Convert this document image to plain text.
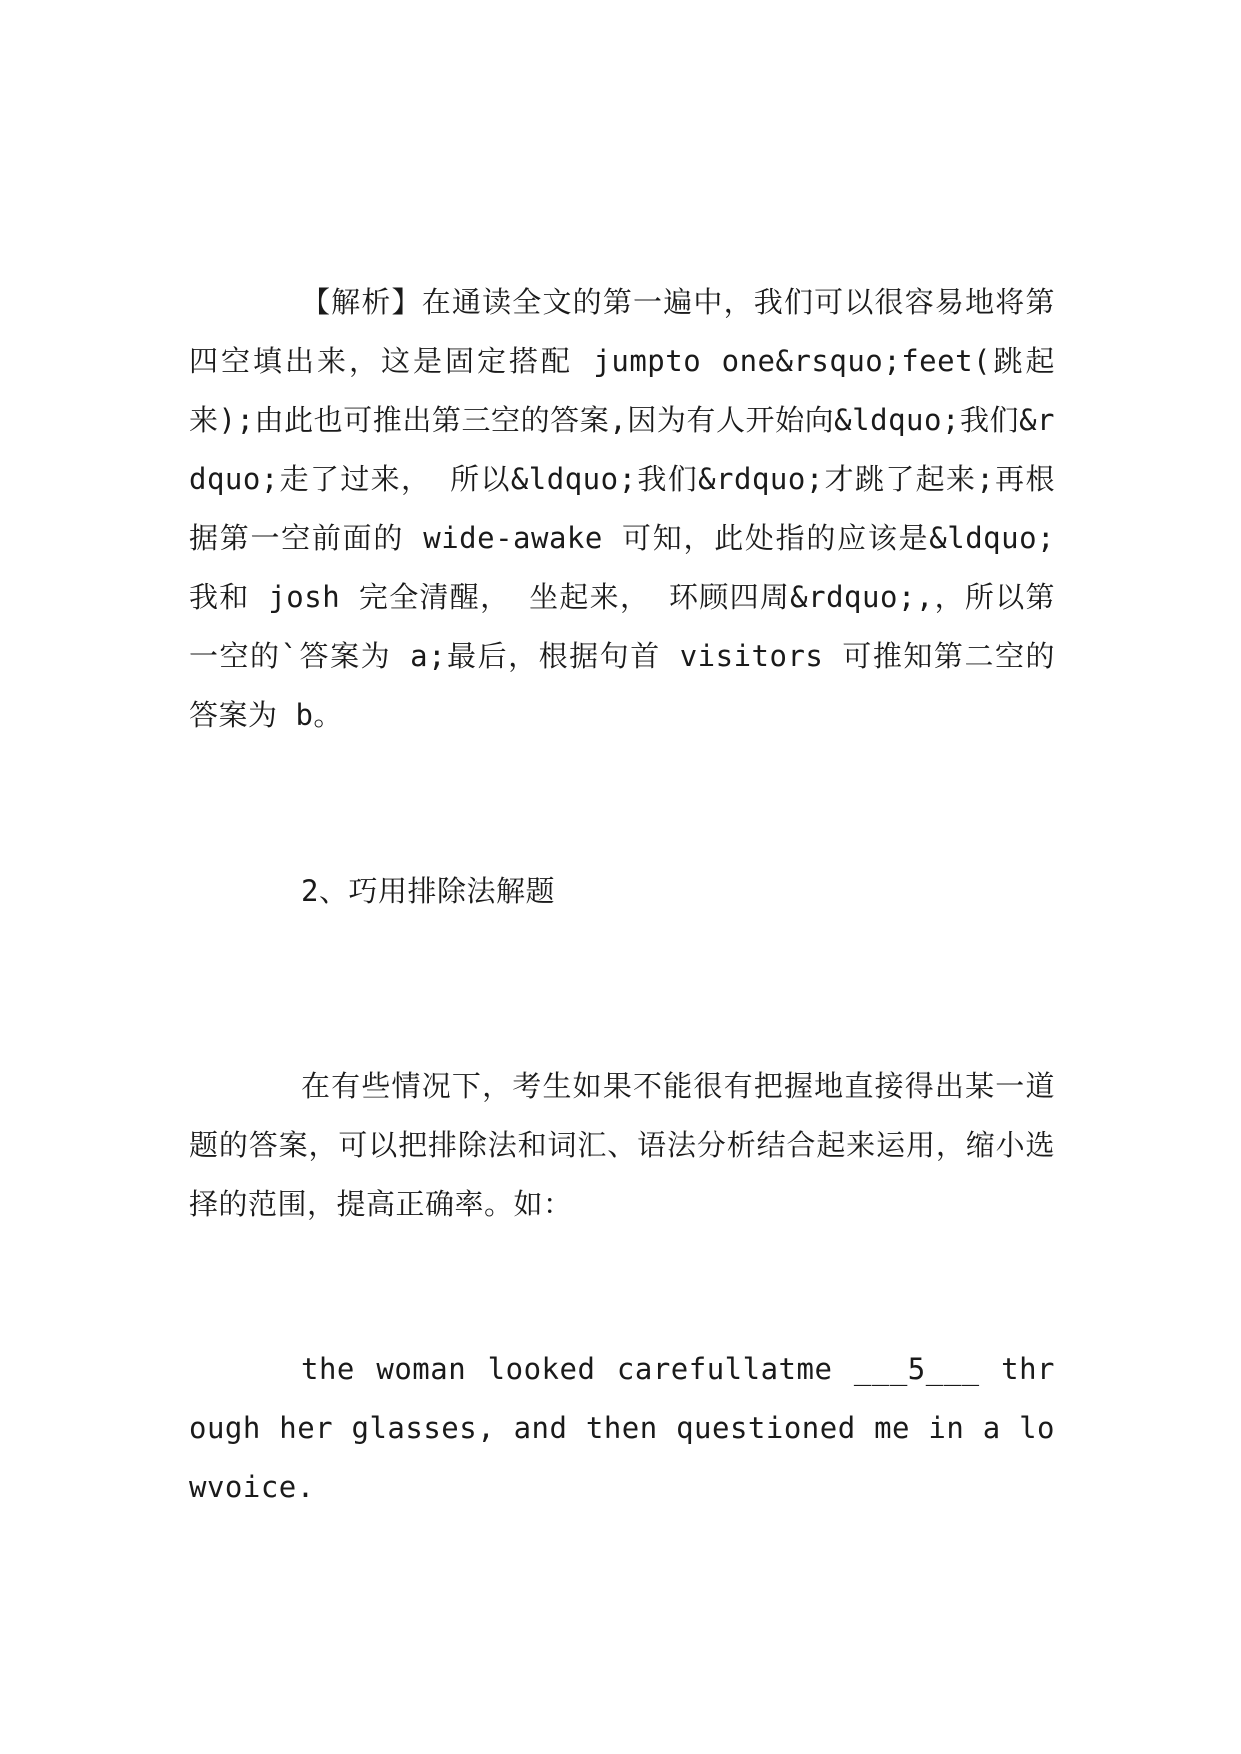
【解析】在通读全文的第一遍中，我们可以很容易地将第四空填出来，这是固定搭配 jumpto one&rsquo;feet(跳起来);由此也可推出第三空的答案,因为有人开始向&ldquo;我们&rdquo;走了过来， 所以&ldquo;我们&rdquo;才跳了起来;再根据第一空前面的 wide-awake 可知，此处指的应该是&ldquo;我和 josh 完全清醒， 坐起来， 环顾四周&rdquo;,，所以第一空的`答案为 a;最后，根据句首 visitors 可推知第二空的答案为 b。

2、巧用排除法解题

在有些情况下，考生如果不能很有把握地直接得出某一道题的答案，可以把排除法和词汇、语法分析结合起来运用，缩小选择的范围，提高正确率。如：

the woman looked carefullatme ___5___ through her glasses, and then questioned me in a lowvoice.
